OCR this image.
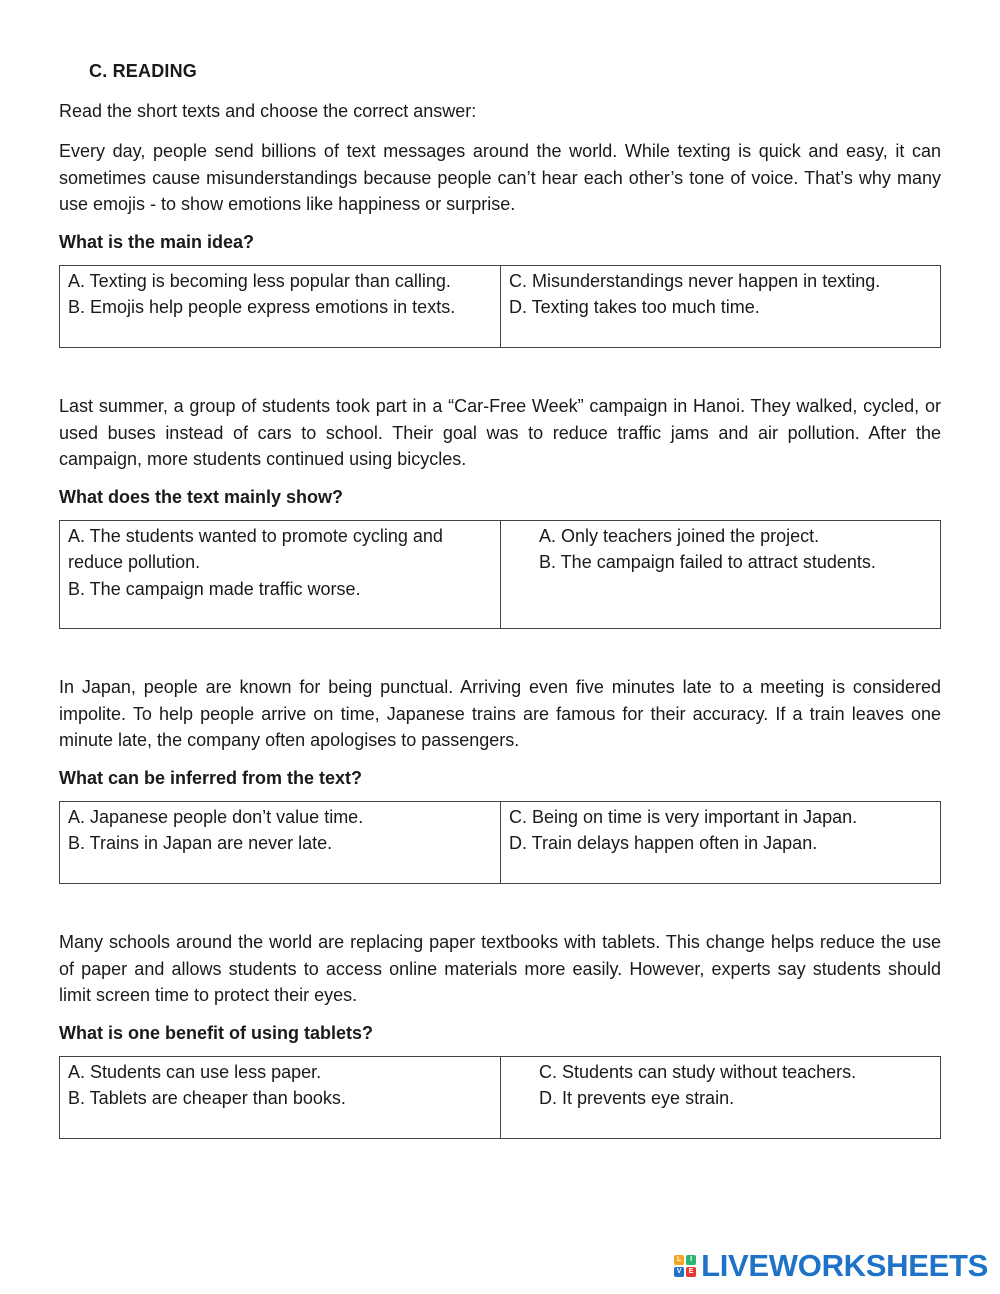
C. READING
Read the short texts and choose the correct answer:

Every day, people send billions of text messages around the world. While texting is quick and easy, it can sometimes cause misunderstandings because people can’t hear each other’s tone of voice. That’s why many use emojis - to show emotions like happiness or surprise.

What is the main idea?

A. Texting is becoming less popular than calling.
B. Emojis help people express emotions in texts.

C. Misunderstandings never happen in texting.
D. Texting takes too much time.

Last summer, a group of students took part in a “Car-Free Week” campaign in Hanoi. They walked, cycled, or used buses instead of cars to school. Their goal was to reduce traffic jams and air pollution. After the campaign, more students continued using bicycles.

What does the text mainly show?

A. The students wanted to promote cycling and reduce pollution.
B. The campaign made traffic worse.

A. Only teachers joined the project.
B. The campaign failed to attract students.

In Japan, people are known for being punctual. Arriving even five minutes late to a meeting is considered impolite. To help people arrive on time, Japanese trains are famous for their accuracy. If a train leaves one minute late, the company often apologises to passengers.

What can be inferred from the text?

A. Japanese people don’t value time.
B. Trains in Japan are never late.

C. Being on time is very important in Japan.
D. Train delays happen often in Japan.

Many schools around the world are replacing paper textbooks with tablets. This change helps reduce the use of paper and allows students to access online materials more easily. However, experts say students should limit screen time to protect their eyes.

What is one benefit of using tablets?

A. Students can use less paper.
B. Tablets are cheaper than books.

C. Students can study without teachers.
D. It prevents eye strain.
L	I
V	E LIVEWORKSHEETS
